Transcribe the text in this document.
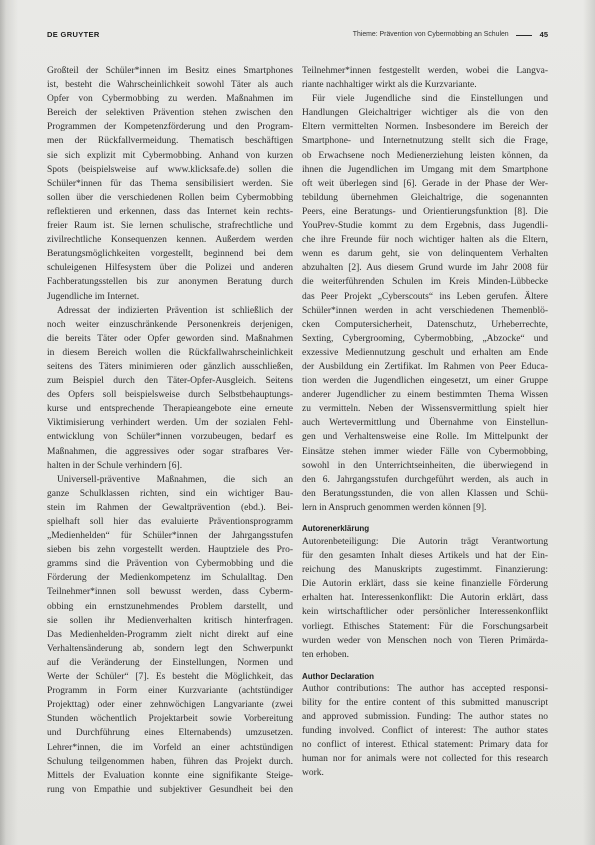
DE GRUYTER	Thieme: Prävention von Cybermobbing an Schulen	45
Großteil der Schüler*innen im Besitz eines Smartphones
ist, besteht die Wahrscheinlichkeit sowohl Täter als auch
Opfer von Cybermobbing zu werden. Maßnahmen im
Bereich der selektiven Prävention stehen zwischen den
Programmen der Kompetenzförderung und den Program-
men der Rückfallvermeidung. Thematisch beschäftigen
sie sich explizit mit Cybermobbing. Anhand von kurzen
Spots (beispielsweise auf www.klicksafe.de) sollen die
Schüler*innen für das Thema sensibilisiert werden. Sie
sollen über die verschiedenen Rollen beim Cybermobbing
reflektieren und erkennen, dass das Internet kein rechts-
freier Raum ist. Sie lernen schulische, strafrechtliche und
zivilrechtliche Konsequenzen kennen. Außerdem werden
Beratungsmöglichkeiten vorgestellt, beginnend bei dem
schuleigenen Hilfesystem über die Polizei und anderen
Fachberatungsstellen bis zur anonymen Beratung durch
Jugendliche im Internet.
Adressat der indizierten Prävention ist schließlich der
noch weiter einzuschränkende Personenkreis derjenigen,
die bereits Täter oder Opfer geworden sind. Maßnahmen
in diesem Bereich wollen die Rückfallwahrscheinlichkeit
seitens des Täters minimieren oder gänzlich ausschließen,
zum Beispiel durch den Täter-Opfer-Ausgleich. Seitens
des Opfers soll beispielsweise durch Selbstbehauptungs-
kurse und entsprechende Therapieangebote eine erneute
Viktimisierung verhindert werden. Um der sozialen Fehl-
entwicklung von Schüler*innen vorzubeugen, bedarf es
Maßnahmen, die aggressives oder sogar strafbares Ver-
halten in der Schule verhindern [6].
Universell-präventive Maßnahmen, die sich an
ganze Schulklassen richten, sind ein wichtiger Bau-
stein im Rahmen der Gewaltprävention (ebd.). Bei-
spielhaft soll hier das evaluierte Präventionsprogramm
„Medienhelden“ für Schüler*innen der Jahrgangsstufen
sieben bis zehn vorgestellt werden. Hauptziele des Pro-
gramms sind die Prävention von Cybermobbing und die
Förderung der Medienkompetenz im Schulalltag. Den
Teilnehmer*innen soll bewusst werden, dass Cyberm-
obbing ein ernstzunehmendes Problem darstellt, und
sie sollen ihr Medienverhalten kritisch hinterfragen.
Das Medienhelden-Programm zielt nicht direkt auf eine
Verhaltensänderung ab, sondern legt den Schwerpunkt
auf die Veränderung der Einstellungen, Normen und
Werte der Schüler“ [7]. Es besteht die Möglichkeit, das
Programm in Form einer Kurzvariante (achtstündiger
Projekttag) oder einer zehnwöchigen Langvariante (zwei
Stunden wöchentlich Projektarbeit sowie Vorbereitung
und Durchführung eines Elternabends) umzusetzen.
Lehrer*innen, die im Vorfeld an einer achtstündigen
Schulung teilgenommen haben, führen das Projekt durch.
Mittels der Evaluation konnte eine signifikante Steige-
rung von Empathie und subjektiver Gesundheit bei den
Teilnehmer*innen festgestellt werden, wobei die Langva-
riante nachhaltiger wirkt als die Kurzvariante.
Für viele Jugendliche sind die Einstellungen und
Handlungen Gleichaltriger wichtiger als die von den
Eltern vermittelten Normen. Insbesondere im Bereich der
Smartphone- und Internetnutzung stellt sich die Frage,
ob Erwachsene noch Medienerziehung leisten können, da
ihnen die Jugendlichen im Umgang mit dem Smartphone
oft weit überlegen sind [6]. Gerade in der Phase der Wer-
tebildung übernehmen Gleichaltrige, die sogenannten
Peers, eine Beratungs- und Orientierungsfunktion [8]. Die
YouPrev-Studie kommt zu dem Ergebnis, dass Jugendli-
che ihre Freunde für noch wichtiger halten als die Eltern,
wenn es darum geht, sie von delinquentem Verhalten
abzuhalten [2]. Aus diesem Grund wurde im Jahr 2008 für
die weiterführenden Schulen im Kreis Minden-Lübbecke
das Peer Projekt „Cyberscouts“ ins Leben gerufen. Ältere
Schüler*innen werden in acht verschiedenen Themenblö-
cken Computersicherheit, Datenschutz, Urheberrechte,
Sexting, Cybergrooming, Cybermobbing, „Abzocke“ und
exzessive Mediennutzung geschult und erhalten am Ende
der Ausbildung ein Zertifikat. Im Rahmen von Peer Educa-
tion werden die Jugendlichen eingesetzt, um einer Gruppe
anderer Jugendlicher zu einem bestimmten Thema Wissen
zu vermitteln. Neben der Wissensvermittlung spielt hier
auch Wertevermittlung und Übernahme von Einstellun-
gen und Verhaltensweise eine Rolle. Im Mittelpunkt der
Einsätze stehen immer wieder Fälle von Cybermobbing,
sowohl in den Unterrichtseinheiten, die überwiegend in
den 6. Jahrgangsstufen durchgeführt werden, als auch in
den Beratungsstunden, die von allen Klassen und Schü-
lern in Anspruch genommen werden können [9].
Autorenerklärung
Autorenbeteiligung: Die Autorin trägt Verantwortung
für den gesamten Inhalt dieses Artikels und hat der Ein-
reichung des Manuskripts zugestimmt. Finanzierung:
Die Autorin erklärt, dass sie keine finanzielle Förderung
erhalten hat. Interessenkonflikt: Die Autorin erklärt, dass
kein wirtschaftlicher oder persönlicher Interessenkonflikt
vorliegt. Ethisches Statement: Für die Forschungsarbeit
wurden weder von Menschen noch von Tieren Primärda-
ten erhoben.
Author Declaration
Author contributions: The author has accepted responsi-
bility for the entire content of this submitted manuscript
and approved submission. Funding: The author states no
funding involved. Conflict of interest: The author states
no conflict of interest. Ethical statement: Primary data for
human nor for animals were not collected for this research
work.
